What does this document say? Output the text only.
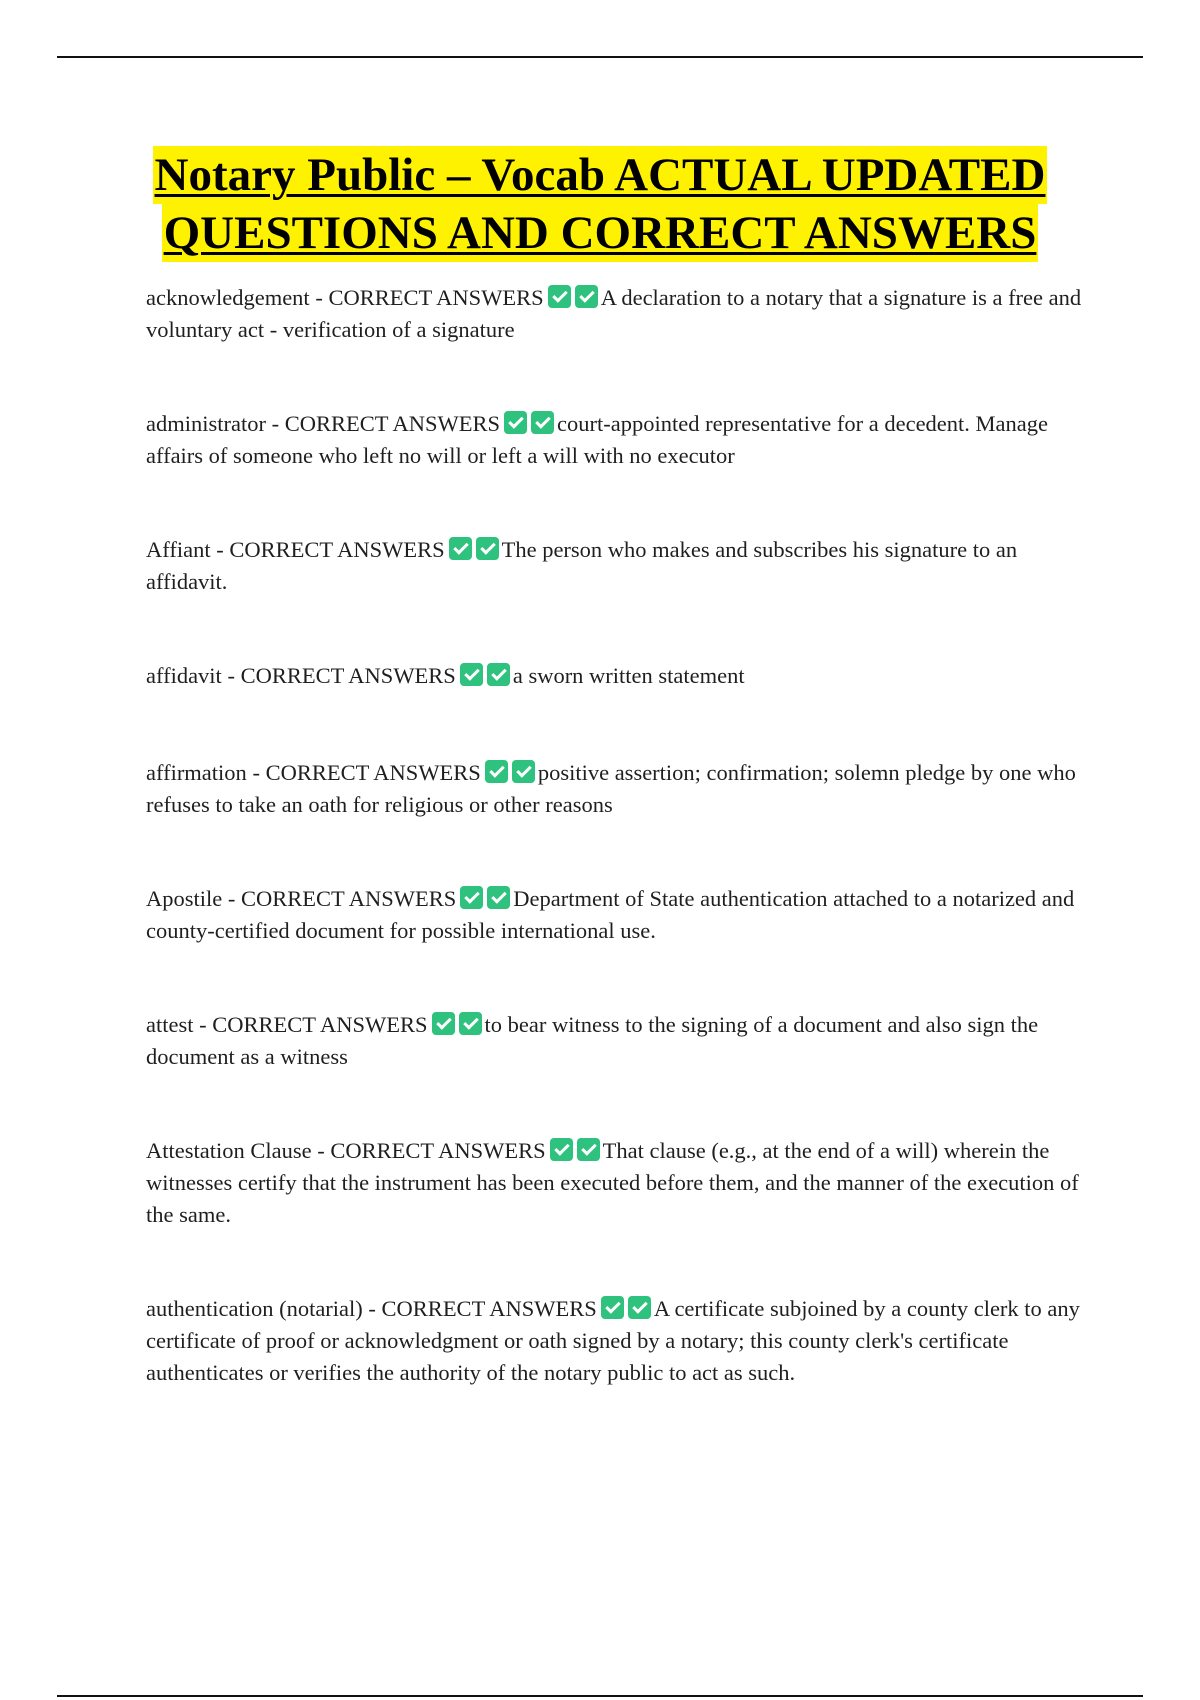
Notary Public – Vocab ACTUAL UPDATED
QUESTIONS AND CORRECT ANSWERS

acknowledgement - CORRECT ANSWERS	A declaration to a notary that a signature is a free and voluntary act - verification of a signature

administrator - CORRECT ANSWERS	court-appointed representative for a decedent. Manage affairs of someone who left no will or left a will with no executor

Affiant - CORRECT ANSWERS	The person who makes and subscribes his signature to an affidavit.

affidavit - CORRECT ANSWERS	a sworn written statement

affirmation - CORRECT ANSWERS	positive assertion; confirmation; solemn pledge by one who refuses to take an oath for religious or other reasons

Apostile - CORRECT ANSWERS	Department of State authentication attached to a notarized and county-certified document for possible international use.

attest - CORRECT ANSWERS	to bear witness to the signing of a document and also sign the document as a witness

Attestation Clause - CORRECT ANSWERS	That clause (e.g., at the end of a will) wherein the witnesses certify that the instrument has been executed before them, and the manner of the execution of the same.

authentication (notarial) - CORRECT ANSWERS	A certificate subjoined by a county clerk to any certificate of proof or acknowledgment or oath signed by a notary; this county clerk's certificate authenticates or verifies the authority of the notary public to act as such.
